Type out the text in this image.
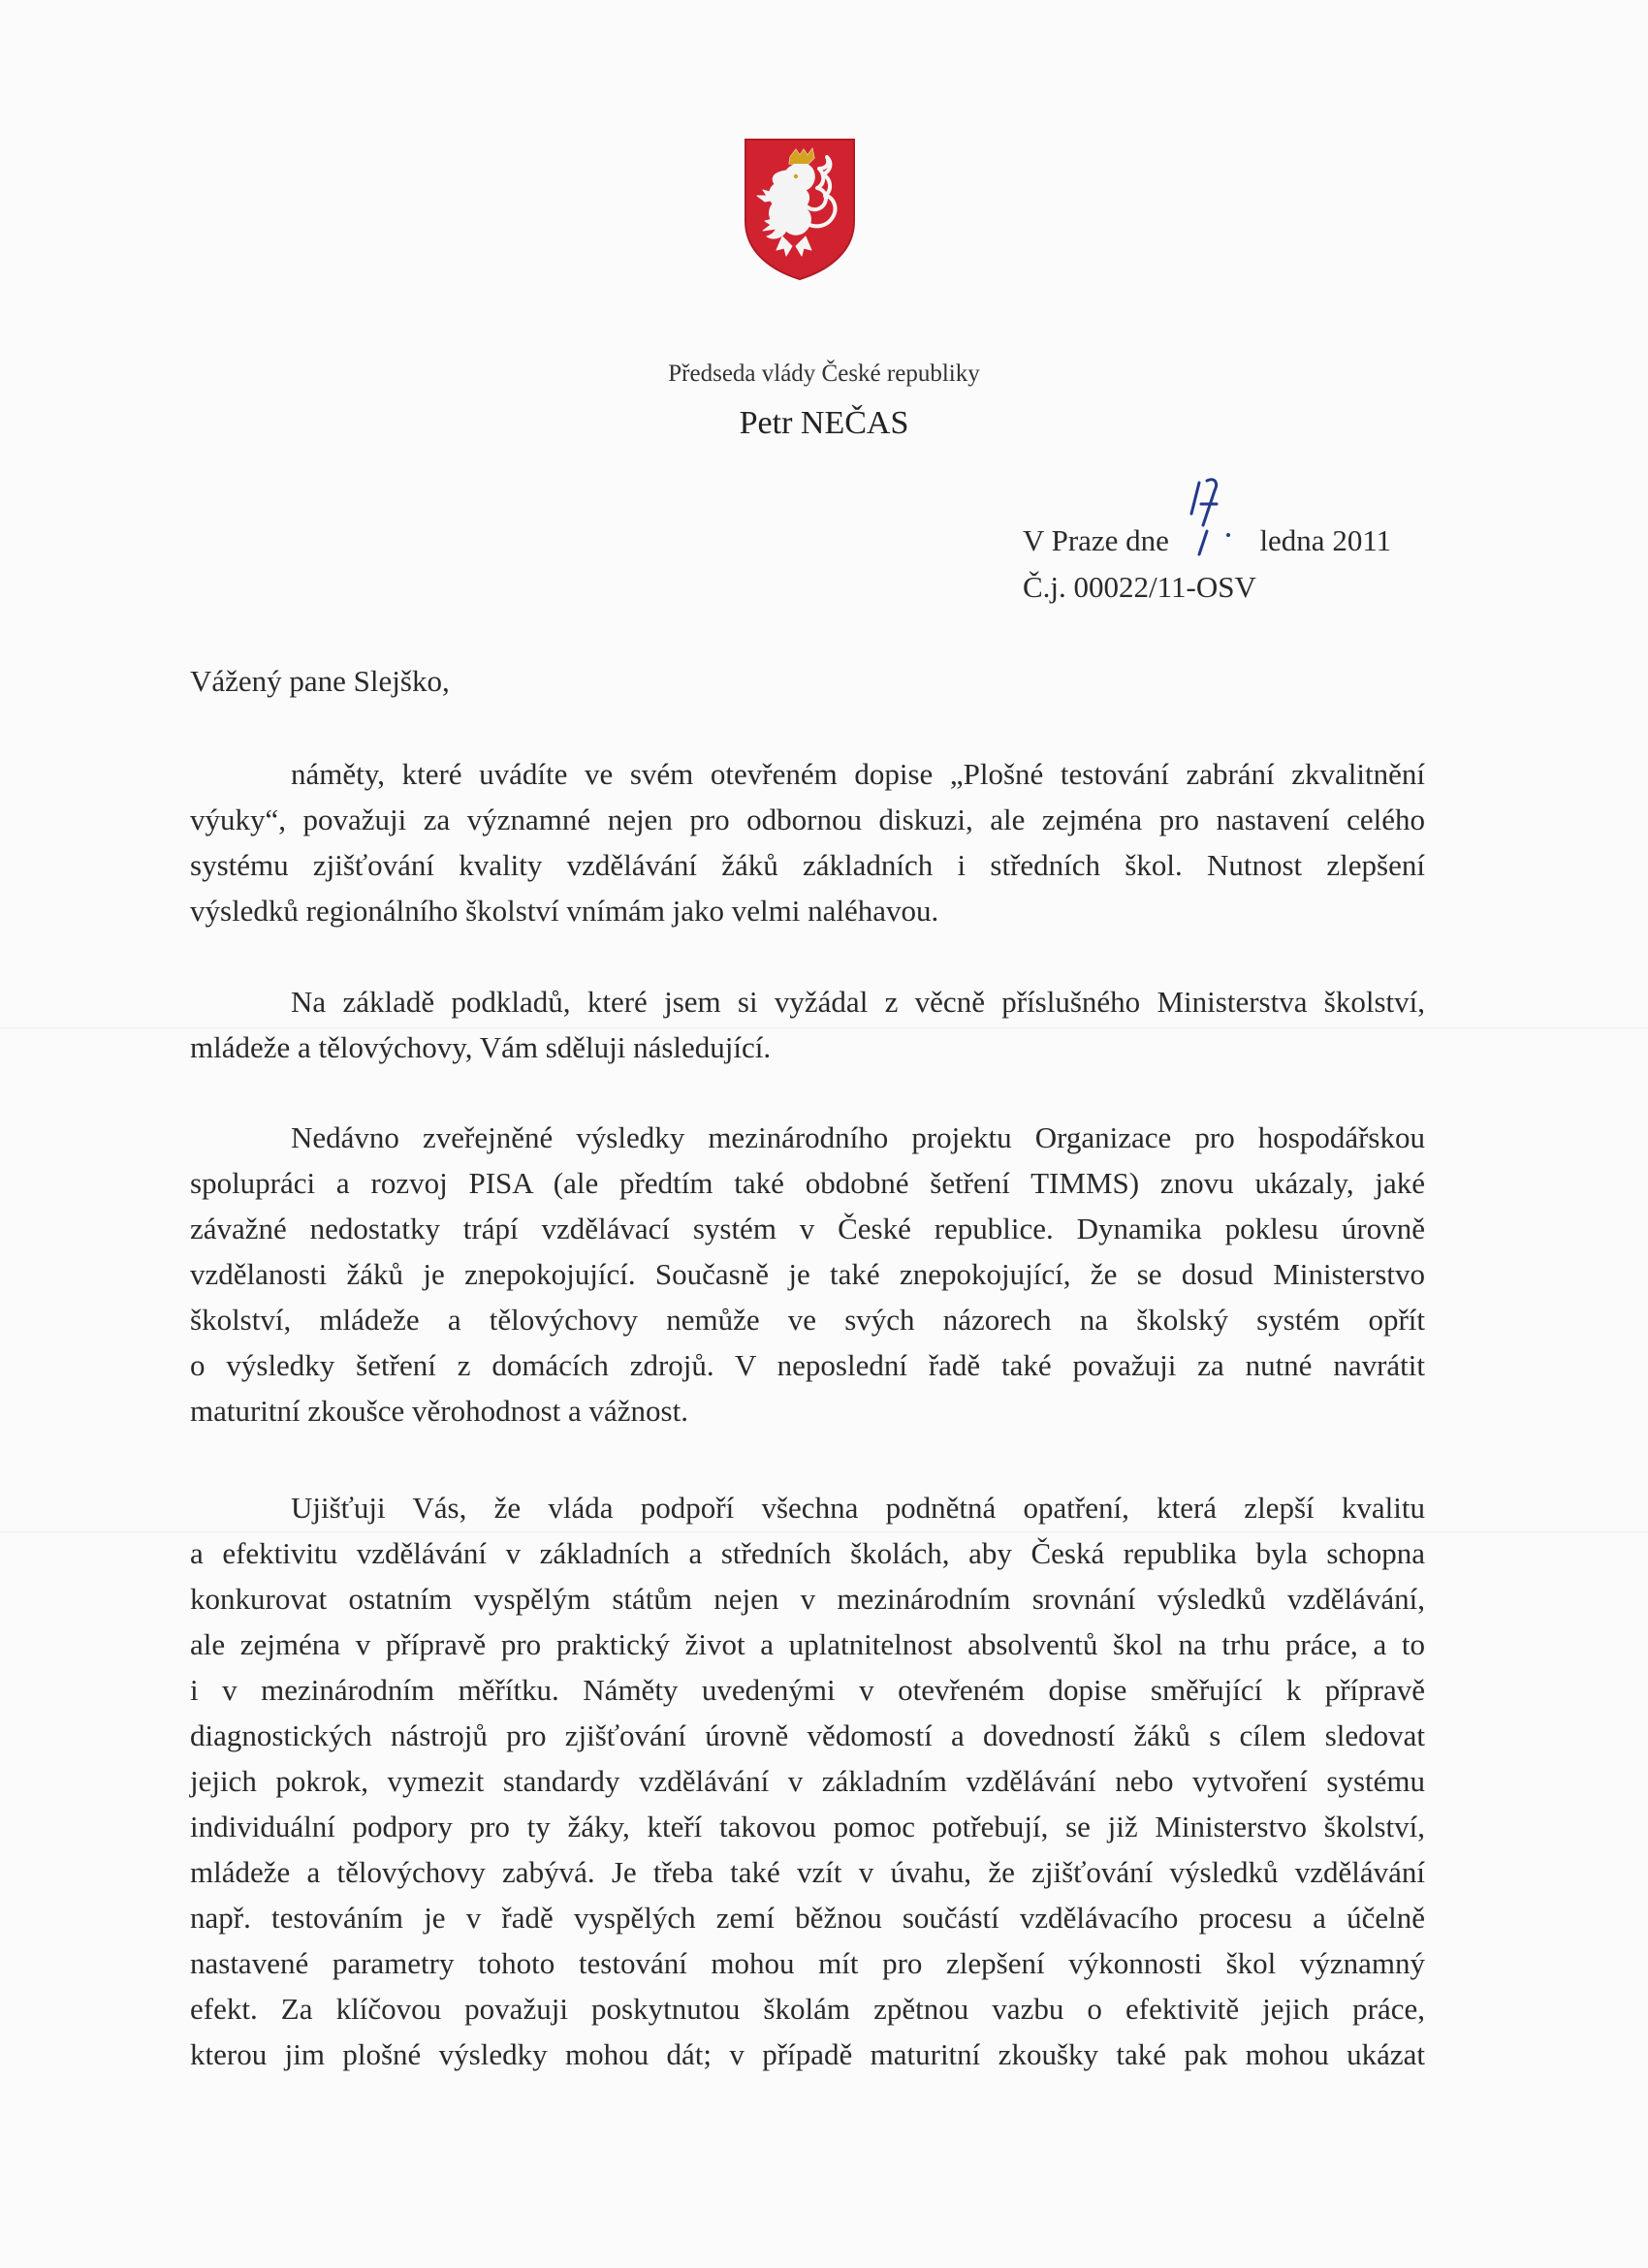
Předseda vlády České republiky
Petr NEČAS
V Praze dne	ledna 2011
Č.j. 00022/11-OSV
Vážený pane Slejško,
náměty, které uvádíte ve svém otevřeném dopise „Plošné testování zabrání zkvalitnění
výuky“, považuji za významné nejen pro odbornou diskuzi, ale zejména pro nastavení celého
systému zjišťování kvality vzdělávání žáků základních i středních škol. Nutnost zlepšení
výsledků regionálního školství vnímám jako velmi naléhavou.
Na základě podkladů, které jsem si vyžádal z věcně příslušného Ministerstva školství,
mládeže a tělovýchovy, Vám sděluji následující.
Nedávno zveřejněné výsledky mezinárodního projektu Organizace pro hospodářskou
spolupráci a rozvoj PISA (ale předtím také obdobné šetření TIMMS) znovu ukázaly, jaké
závažné nedostatky trápí vzdělávací systém v České republice. Dynamika poklesu úrovně
vzdělanosti žáků je znepokojující. Současně je také znepokojující, že se dosud Ministerstvo
školství, mládeže a tělovýchovy nemůže ve svých názorech na školský systém opřít
o výsledky šetření z domácích zdrojů. V neposlední řadě také považuji za nutné navrátit
maturitní zkoušce věrohodnost a vážnost.
Ujišťuji Vás, že vláda podpoří všechna podnětná opatření, která zlepší kvalitu
a efektivitu vzdělávání v základních a středních školách, aby Česká republika byla schopna
konkurovat ostatním vyspělým státům nejen v mezinárodním srovnání výsledků vzdělávání,
ale zejména v přípravě pro praktický život a uplatnitelnost absolventů škol na trhu práce, a to
i v mezinárodním měřítku. Náměty uvedenými v otevřeném dopise směřující k přípravě
diagnostických nástrojů pro zjišťování úrovně vědomostí a dovedností žáků s cílem sledovat
jejich pokrok, vymezit standardy vzdělávání v základním vzdělávání nebo vytvoření systému
individuální podpory pro ty žáky, kteří takovou pomoc potřebují, se již Ministerstvo školství,
mládeže a tělovýchovy zabývá. Je třeba také vzít v úvahu, že zjišťování výsledků vzdělávání
např. testováním je v řadě vyspělých zemí běžnou součástí vzdělávacího procesu a účelně
nastavené parametry tohoto testování mohou mít pro zlepšení výkonnosti škol významný
efekt. Za klíčovou považuji poskytnutou školám zpětnou vazbu o efektivitě jejich práce,
kterou jim plošné výsledky mohou dát; v případě maturitní zkoušky také pak mohou ukázat
